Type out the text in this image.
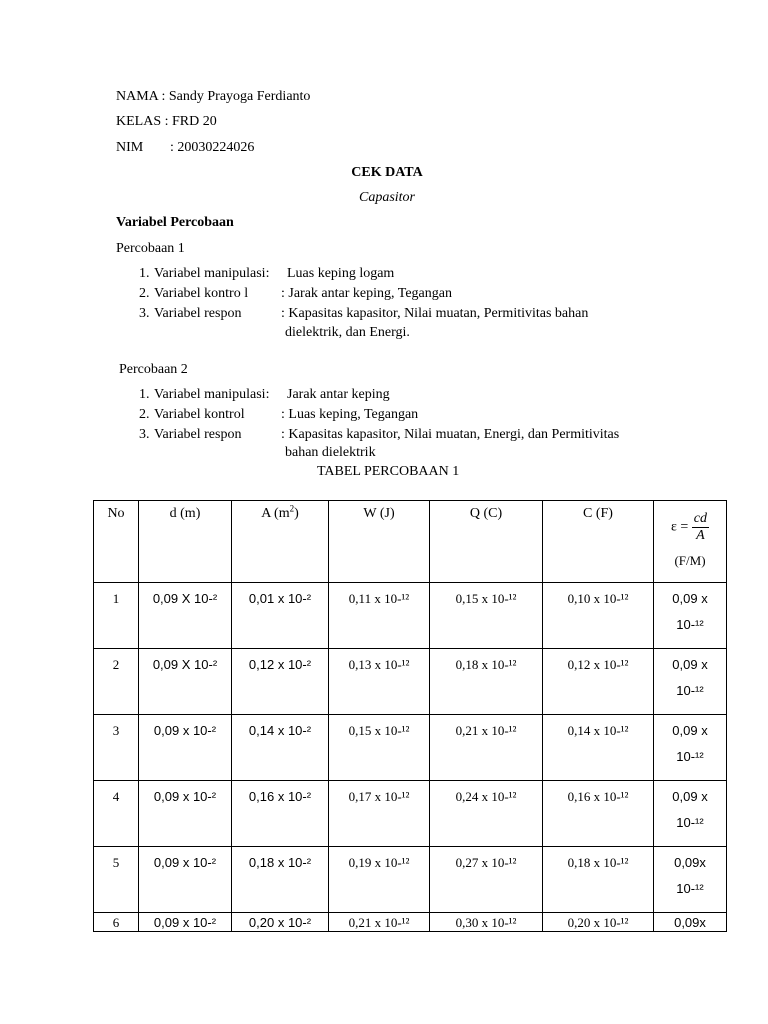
NAMA : Sandy Prayoga Ferdianto
KELAS : FRD 20
NIM : 20030224026
CEK DATA
Capasitor
Variabel Percobaan
Percobaan 1
1. Variabel manipulasi: Luas keping logam
2. Variabel kontro l : Jarak antar keping, Tegangan
3. Variabel respon	: Kapasitas kapasitor, Nilai muatan, Permitivitas bahan
dielektrik, dan Energi.
Percobaan 2
1. Variabel manipulasi: Jarak antar keping
2. Variabel kontrol	: Luas keping, Tegangan
3. Variabel respon	: Kapasitas kapasitor, Nilai muatan, Energi, dan Permitivitas
bahan dielektrik
TABEL PERCOBAAN 1
No	d (m)	A $(m^2)$	W (J)	Q (C)	C (F)	$\varepsilon = \frac{cd}{A}$
(F/M)

1	0,09 X 10-²	0,01 x 10-²	0,11 x 10-¹²	0,15 x 10-¹²	0,10 x 10-¹²	0,09 x
10-¹²

2	0,09 X 10-²	0,12 x 10-²	0,13 x 10-¹²	0,18 x 10-¹²	0,12 x 10-¹²	0,09 x
10-¹²

3	0,09 x 10-²	0,14 x 10-²	0,15 x 10-¹²	0,21 x 10-¹²	0,14 x 10-¹²	0,09 x
10-¹²

4	0,09 x 10-²	0,16 x 10-²	0,17 x 10-¹²	0,24 x 10-¹²	0,16 x 10-¹²	0,09 x
10-¹²

5	0,09 x 10-²	0,18 x 10-²	0,19 x 10-¹²	0,27 x 10-¹²	0,18 x 10-¹²	0,09x
10-¹²

6	0,09 x 10-²	0,20 x 10-²	0,21 x 10-¹²	0,30 x 10-¹²	0,20 x 10-¹²	0,09x
